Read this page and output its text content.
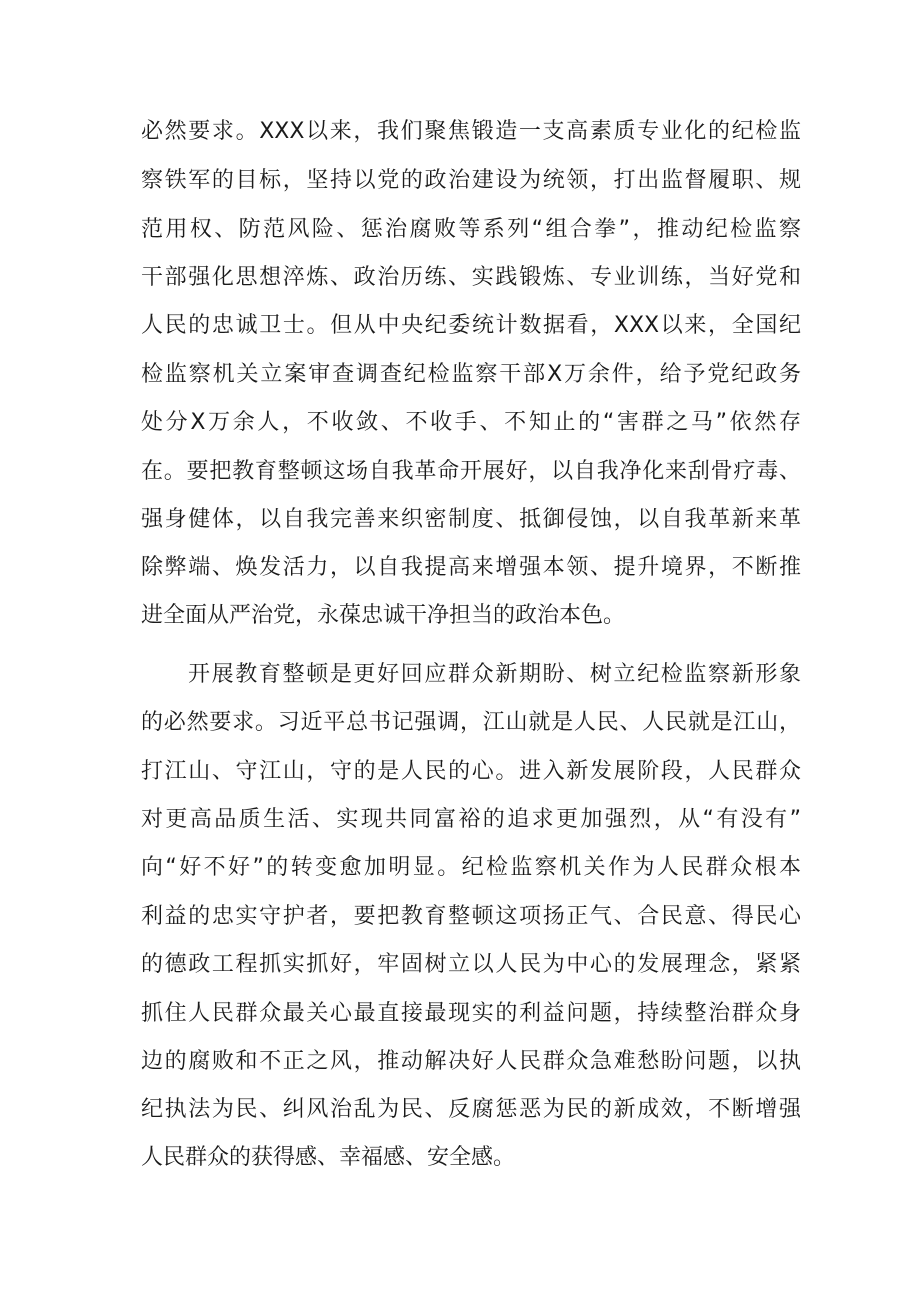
必然要求。XXX以来，我们聚焦锻造一支高素质专业化的纪检监
察铁军的目标，坚持以党的政治建设为统领，打出监督履职、规
范用权、防范风险、惩治腐败等系列“组合拳”，推动纪检监察
干部强化思想淬炼、政治历练、实践锻炼、专业训练，当好党和
人民的忠诚卫士。但从中央纪委统计数据看，XXX以来，全国纪
检监察机关立案审查调查纪检监察干部X万余件，给予党纪政务
处分X万余人，不收敛、不收手、不知止的“害群之马”依然存
在。要把教育整顿这场自我革命开展好，以自我净化来刮骨疗毒、
强身健体，以自我完善来织密制度、抵御侵蚀，以自我革新来革
除弊端、焕发活力，以自我提高来增强本领、提升境界，不断推
进全面从严治党，永葆忠诚干净担当的政治本色。
开展教育整顿是更好回应群众新期盼、树立纪检监察新形象
的必然要求。习近平总书记强调，江山就是人民、人民就是江山，
打江山、守江山，守的是人民的心。进入新发展阶段，人民群众
对更高品质生活、实现共同富裕的追求更加强烈，从“有没有”
向“好不好”的转变愈加明显。纪检监察机关作为人民群众根本
利益的忠实守护者，要把教育整顿这项扬正气、合民意、得民心
的德政工程抓实抓好，牢固树立以人民为中心的发展理念，紧紧
抓住人民群众最关心最直接最现实的利益问题，持续整治群众身
边的腐败和不正之风，推动解决好人民群众急难愁盼问题，以执
纪执法为民、纠风治乱为民、反腐惩恶为民的新成效，不断增强
人民群众的获得感、幸福感、安全感。
